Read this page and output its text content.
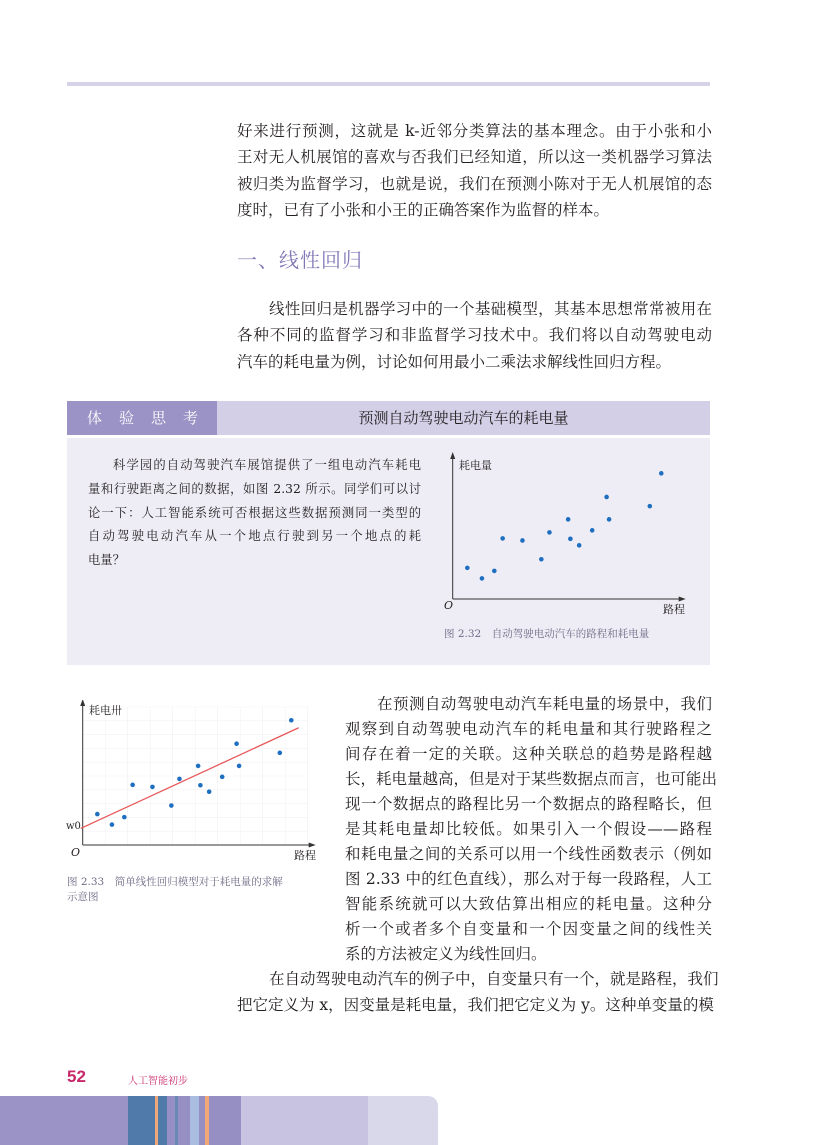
好来进行预测，这就是 k-近邻分类算法的基本理念。由于小张和小
王对无人机展馆的喜欢与否我们已经知道，所以这一类机器学习算法
被归类为监督学习，也就是说，我们在预测小陈对于无人机展馆的态
度时，已有了小张和小王的正确答案作为监督的样本。
一、线性回归
线性回归是机器学习中的一个基础模型，其基本思想常常被用在
各种不同的监督学习和非监督学习技术中。我们将以自动驾驶电动
汽车的耗电量为例，讨论如何用最小二乘法求解线性回归方程。
体验思考	预测自动驾驶电动汽车的耗电量
科学园的自动驾驶汽车展馆提供了一组电动汽车耗电
量和行驶距离之间的数据，如图 2.32 所示。同学们可以讨
论一下：人工智能系统可否根据这些数据预测同一类型的
自动驾驶电动汽车从一个地点行驶到另一个地点的耗
电量？
耗电量
路程
O
图 2.32　自动驾驶电动汽车的路程和耗电量
耗电卅
路程
O
w0
图 2.33　简单线性回归模型对于耗电量的求解
示意图
在预测自动驾驶电动汽车耗电量的场景中，我们
观察到自动驾驶电动汽车的耗电量和其行驶路程之
间存在着一定的关联。这种关联总的趋势是路程越
长，耗电量越高，但是对于某些数据点而言，也可能出
现一个数据点的路程比另一个数据点的路程略长，但
是其耗电量却比较低。如果引入一个假设——路程
和耗电量之间的关系可以用一个线性函数表示（例如
图 2.33 中的红色直线），那么对于每一段路程，人工
智能系统就可以大致估算出相应的耗电量。这种分
析一个或者多个自变量和一个因变量之间的线性关
系的方法被定义为线性回归。
在自动驾驶电动汽车的例子中，自变量只有一个，就是路程，我们
把它定义为 x，因变量是耗电量，我们把它定义为 y。这种单变量的模
52	人工智能初步
